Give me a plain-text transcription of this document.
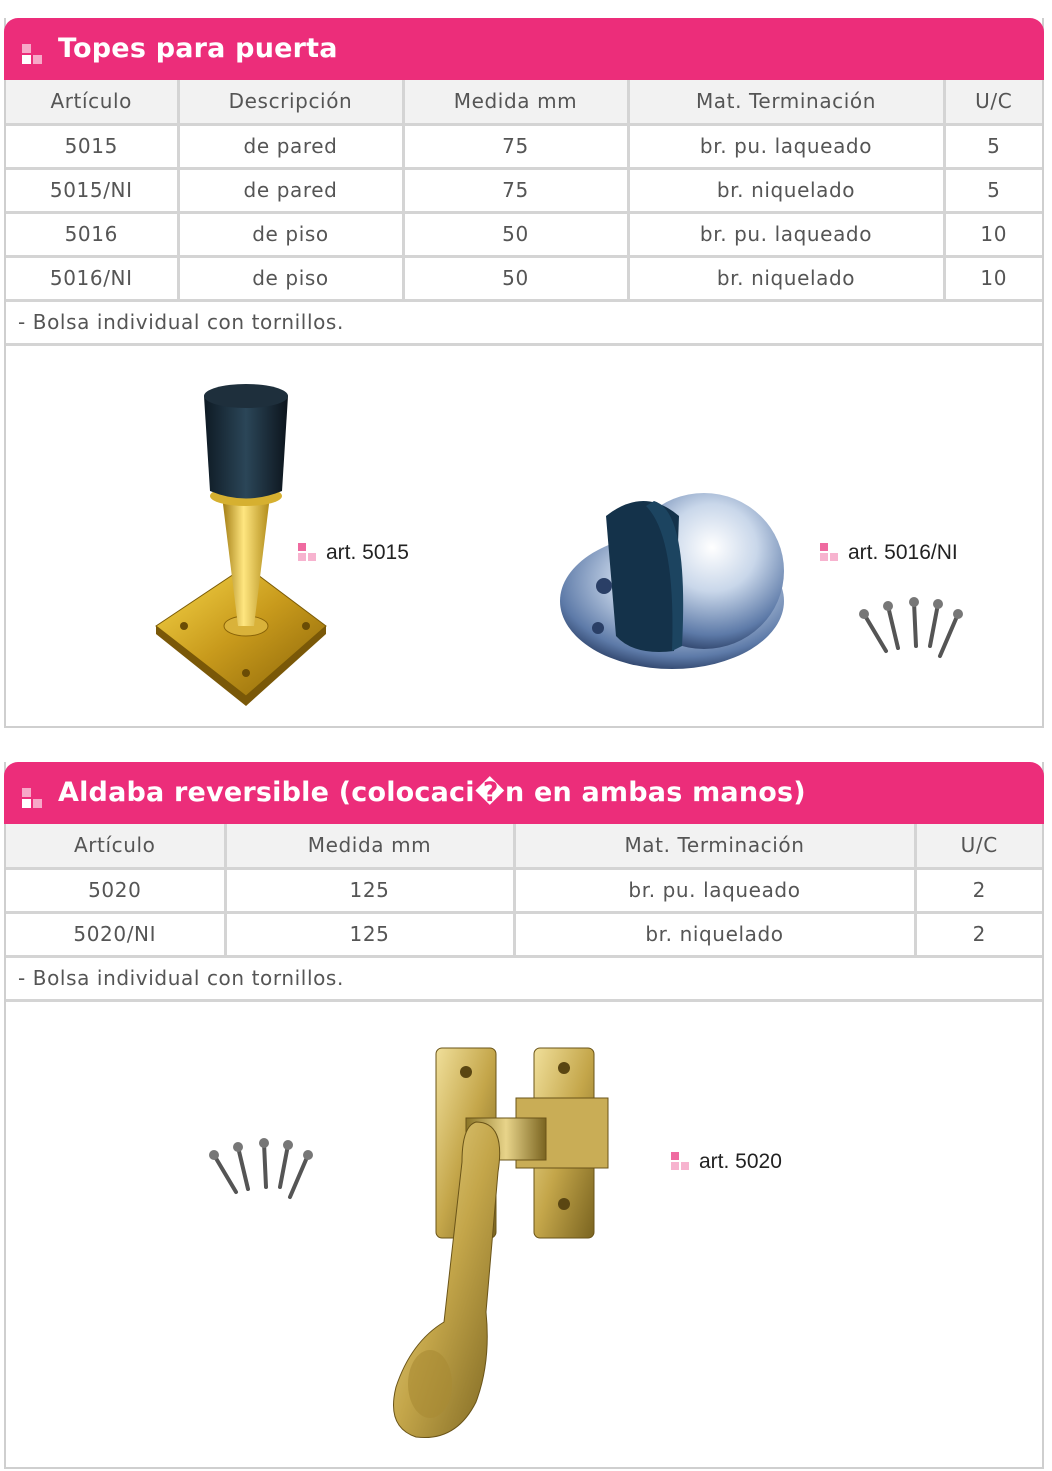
Topes para puerta
Artículo	Descripción	Medida mm	Mat. Terminación	U/C
5015	de pared	75	br. pu. laqueado	5
5015/NI	de pared	75	br. niquelado	5
5016	de piso	50	br. pu. laqueado	10
5016/NI	de piso	50	br. niquelado	10
- Bolsa individual con tornillos.				
art. 5015	art. 5016/NI
Aldaba reversible (colocaci�n en ambas manos)
Artículo	Medida mm	Mat. Terminación	U/C
5020	125	br. pu. laqueado	2
5020/NI	125	br. niquelado	2
- Bolsa individual con tornillos.			
art. 5020
